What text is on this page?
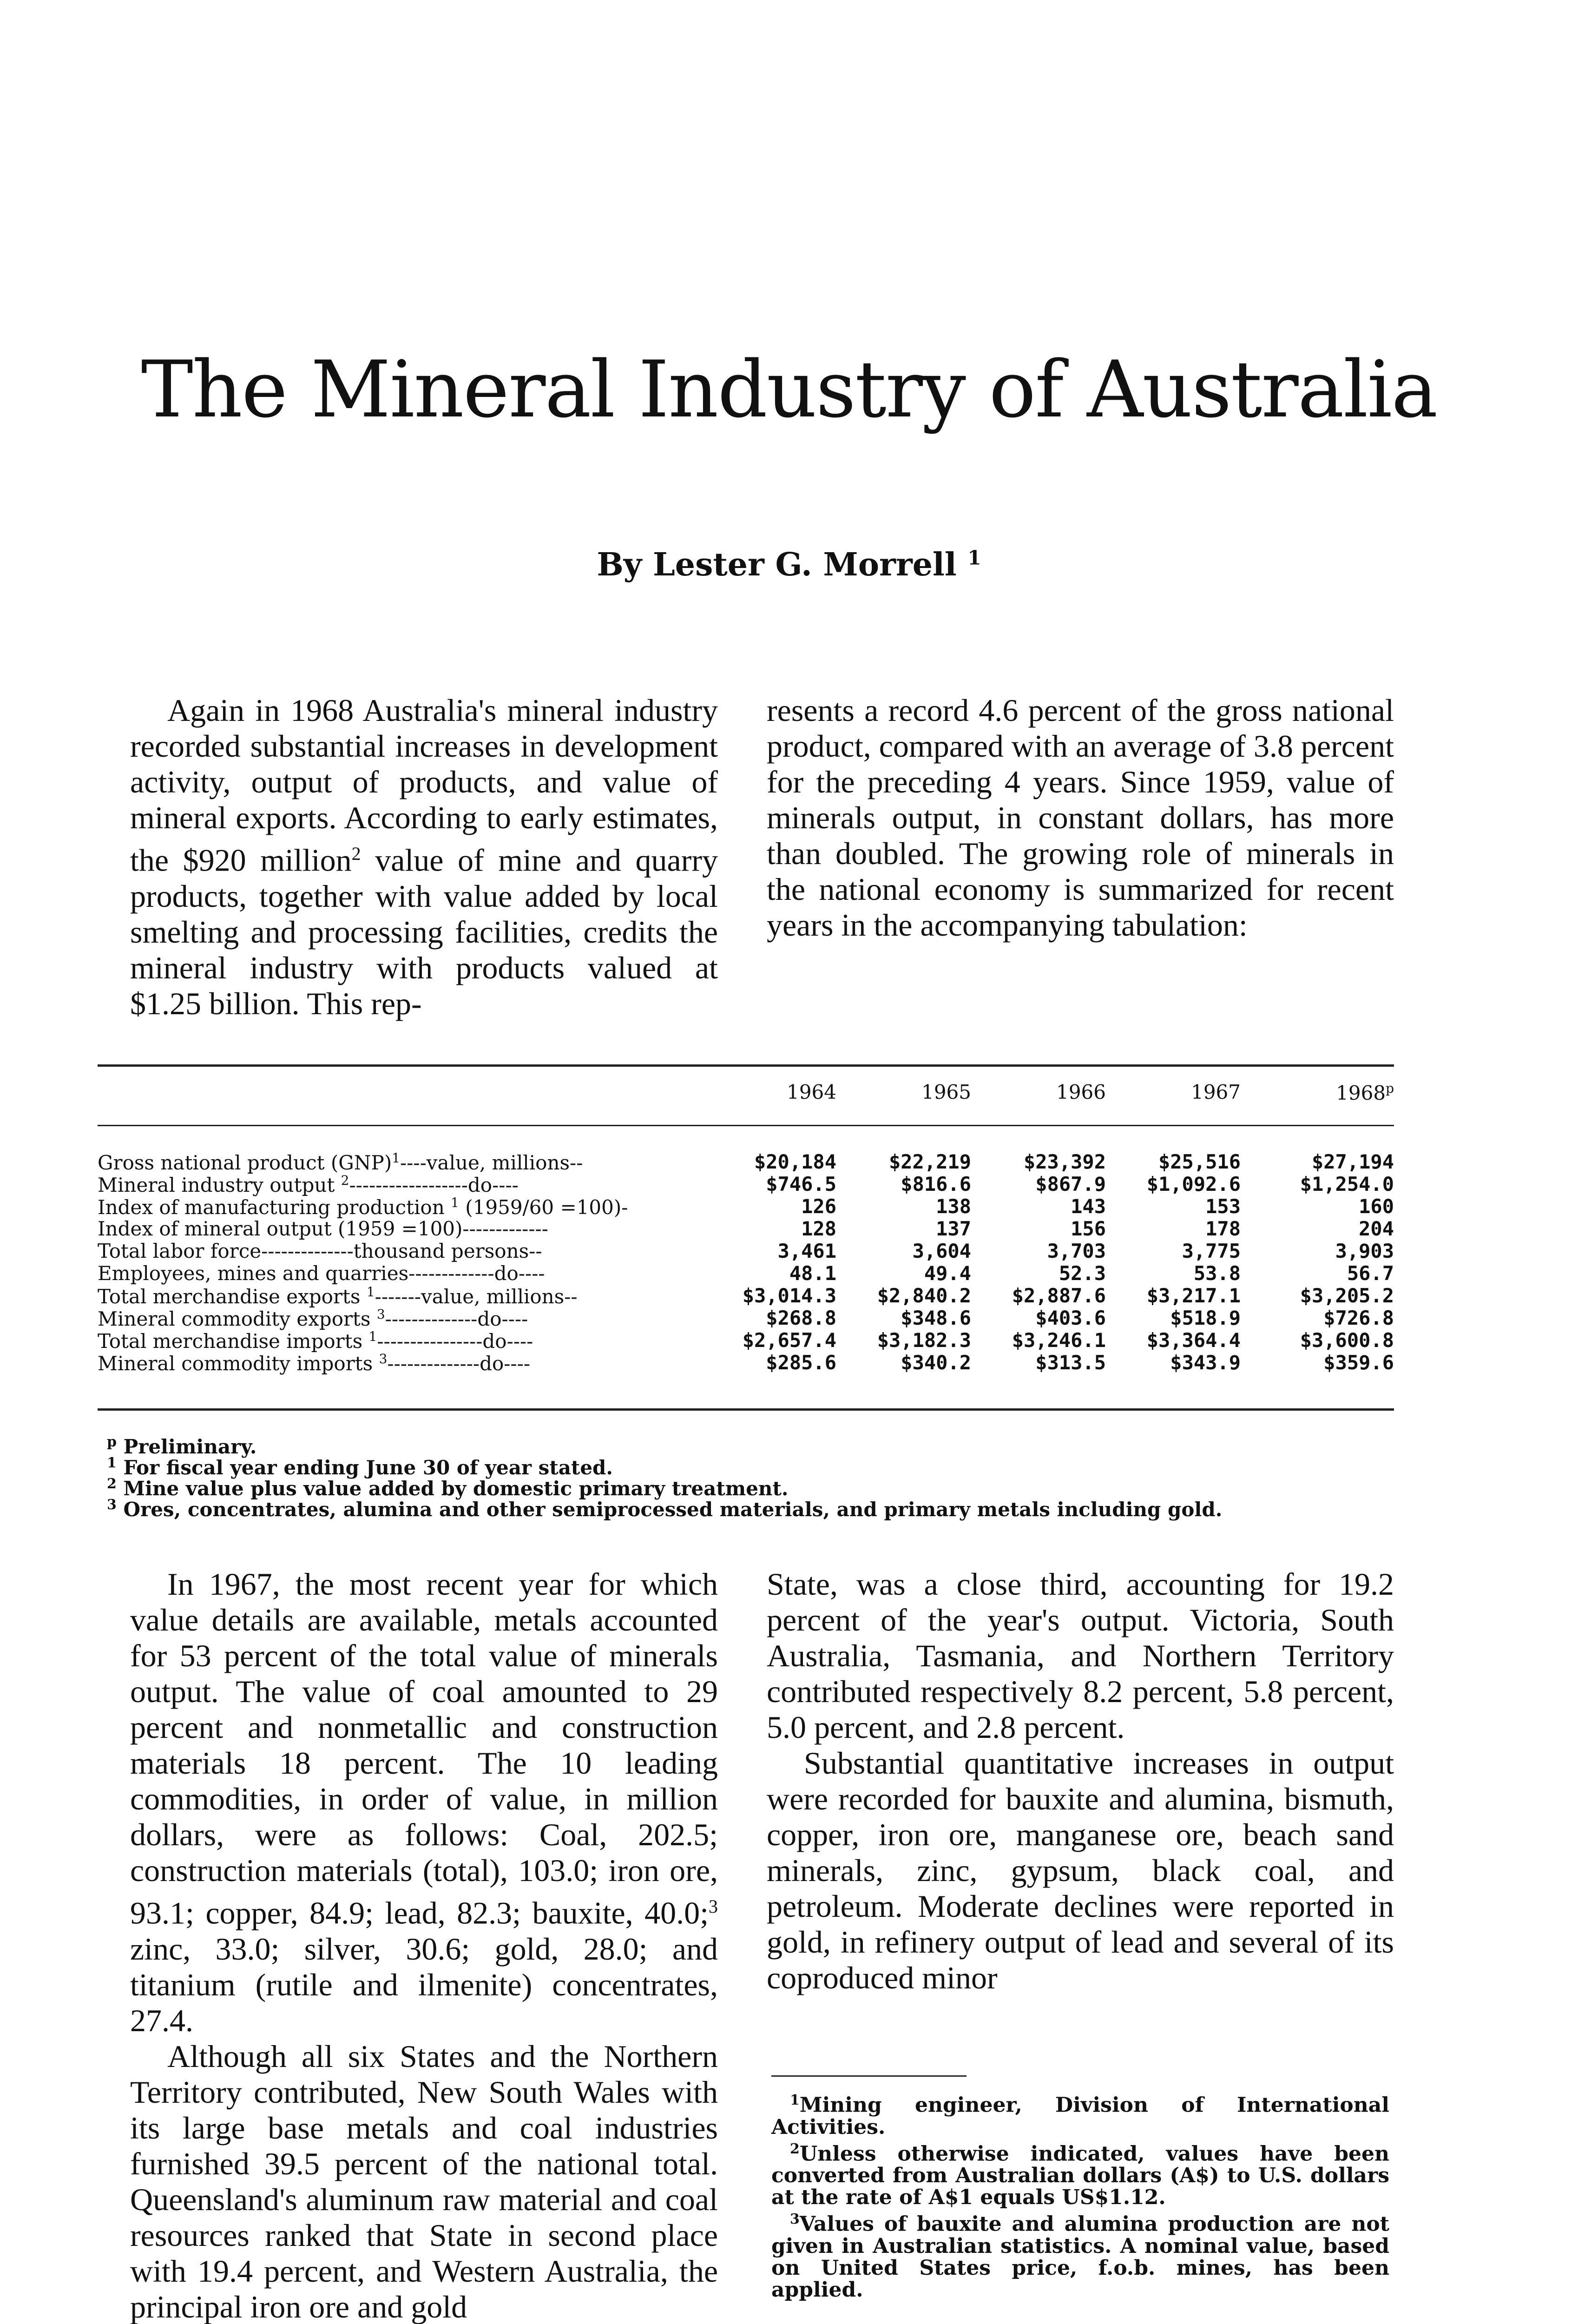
The Mineral Industry of Australia
By Lester G. Morrell $^1$

Again in 1968 Australia's mineral industry recorded substantial increases in development activity, output of products, and value of mineral exports. According to early estimates, the $920 million$^2$ value of mine and quarry products, together with value added by local smelting and processing facilities, credits the mineral industry with products valued at $1.25 billion. This rep-

resents a record 4.6 percent of the gross national product, compared with an average of 3.8 percent for the preceding 4 years. Since 1959, value of minerals output, in constant dollars, has more than doubled. The growing role of minerals in the national economy is summarized for recent years in the accompanying tabulation:

1964	1965	1966	1967	1968$^p$
Gross national product (GNP)$^1$----value, millions--	$20,184	$22,219	$23,392	$25,516	$27,194
Mineral industry output $^2$------------------do----	$746.5	$816.6	$867.9 $1,092.6	$1,254.0
Index of manufacturing production $^1$ (1959/60 =100)-	126	138	143	153	160
Index of mineral output (1959 =100)-------------	128	137	156	178	204
Total labor force--------------thousand persons--	3,461	3,604	3,703	3,775	3,903
Employees, mines and quarries-------------do----	48.1	49.4	52.3	53.8	56.7
Total merchandise exports $^1$-------value, millions--	$3,014.3 $2,840.2 $2,887.6 $3,217.1	$3,205.2
Mineral commodity exports $^3$--------------do----	$268.8	$348.6	$403.6	$518.9	$726.8
Total merchandise imports $^1$----------------do----	$2,657.4 $3,182.3 $3,246.1 $3,364.4	$3,600.8
Mineral commodity imports $^3$--------------do----	$285.6	$340.2	$313.5	$343.9	$359.6
$^p$ Preliminary.
$^1$ For fiscal year ending June 30 of year stated.
$^2$ Mine value plus value added by domestic primary treatment.
$^3$ Ores, concentrates, alumina and other semiprocessed materials, and primary metals including gold.

In 1967, the most recent year for which value details are available, metals accounted for 53 percent of the total value of minerals output. The value of coal amounted to 29 percent and nonmetallic and construction materials 18 percent. The 10 leading commodities, in order of value, in million dollars, were as follows: Coal, 202.5; construction materials (total), 103.0; iron ore, 93.1; copper, 84.9; lead, 82.3; bauxite, 40.0;$^3$ zinc, 33.0; silver, 30.6; gold, 28.0; and titanium (rutile and ilmenite) concentrates, 27.4.

Although all six States and the Northern Territory contributed, New South Wales with its large base metals and coal industries furnished 39.5 percent of the national total. Queensland's aluminum raw material and coal resources ranked that State in second place with 19.4 percent, and Western Australia, the principal iron ore and gold

State, was a close third, accounting for 19.2 percent of the year's output. Victoria, South Australia, Tasmania, and Northern Territory contributed respectively 8.2 percent, 5.8 percent, 5.0 percent, and 2.8 percent.

Substantial quantitative increases in output were recorded for bauxite and alumina, bismuth, copper, iron ore, manganese ore, beach sand minerals, zinc, gypsum, black coal, and petroleum. Moderate declines were reported in gold, in refinery output of lead and several of its coproduced minor

$^1$Mining engineer, Division of International Activities.

$^2$Unless otherwise indicated, values have been converted from Australian dollars (A$) to U.S. dollars at the rate of A$1 equals US$1.12.

$^3$Values of bauxite and alumina production are not given in Australian statistics. A nominal value, based on United States price, f.o.b. mines, has been applied.
